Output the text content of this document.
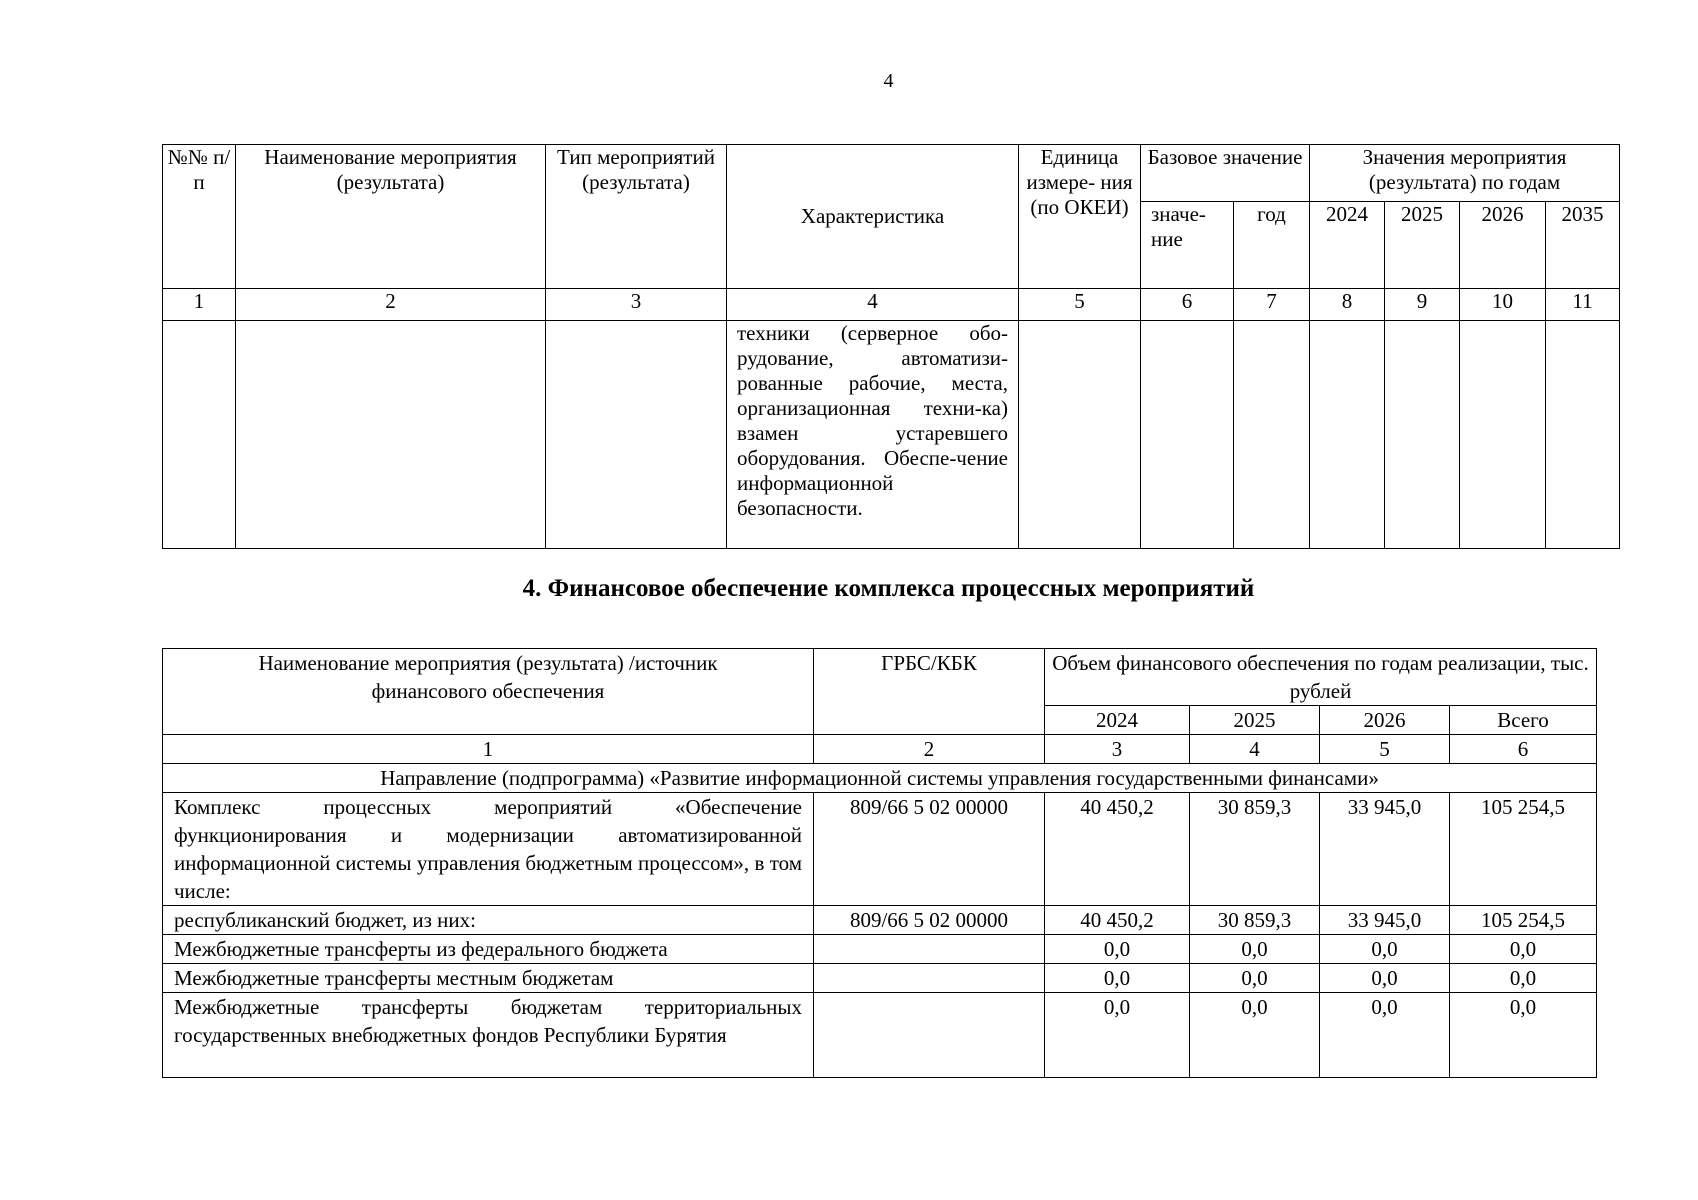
4
№№ п/п	Наименование мероприятия (результата)	Тип мероприятий (результата)	Характеристика	Единица измере- ния (по ОКЕИ)	Базовое значение		Значения мероприятия (результата) по годам			
					значе- ние	год	2024	2025	2026	2035
1	2	3	4	5	6	7	8	9	10	11
			техники (серверное обо-рудование, автоматизи-рованные рабочие, места, организационная техни-ка) взамен устаревшего оборудования. Обеспе-чение информационной безопасности.							
4. Финансовое обеспечение комплекса процессных мероприятий
Наименование мероприятия (результата) /источник финансового обеспечения	ГРБС/КБК	Объем финансового обеспечения по годам реализации, тыс. рублей			
		2024	2025	2026	Всего
1	2	3	4	5	6
Направление (подпрограмма) «Развитие информационной системы управления государственными финансами»					
Комплекс процессных мероприятий «Обеспечение функционирования и модернизации автоматизированной информационной системы управления бюджетным процессом», в том числе:	809/66 5 02 00000	40 450,2	30 859,3	33 945,0	105 254,5
республиканский бюджет, из них:	809/66 5 02 00000	40 450,2	30 859,3	33 945,0	105 254,5
Межбюджетные трансферты из федерального бюджета		0,0	0,0	0,0	0,0
Межбюджетные трансферты местным бюджетам		0,0	0,0	0,0	0,0
Межбюджетные трансферты бюджетам территориальных государственных внебюджетных фондов Республики Бурятия		0,0	0,0	0,0	0,0
